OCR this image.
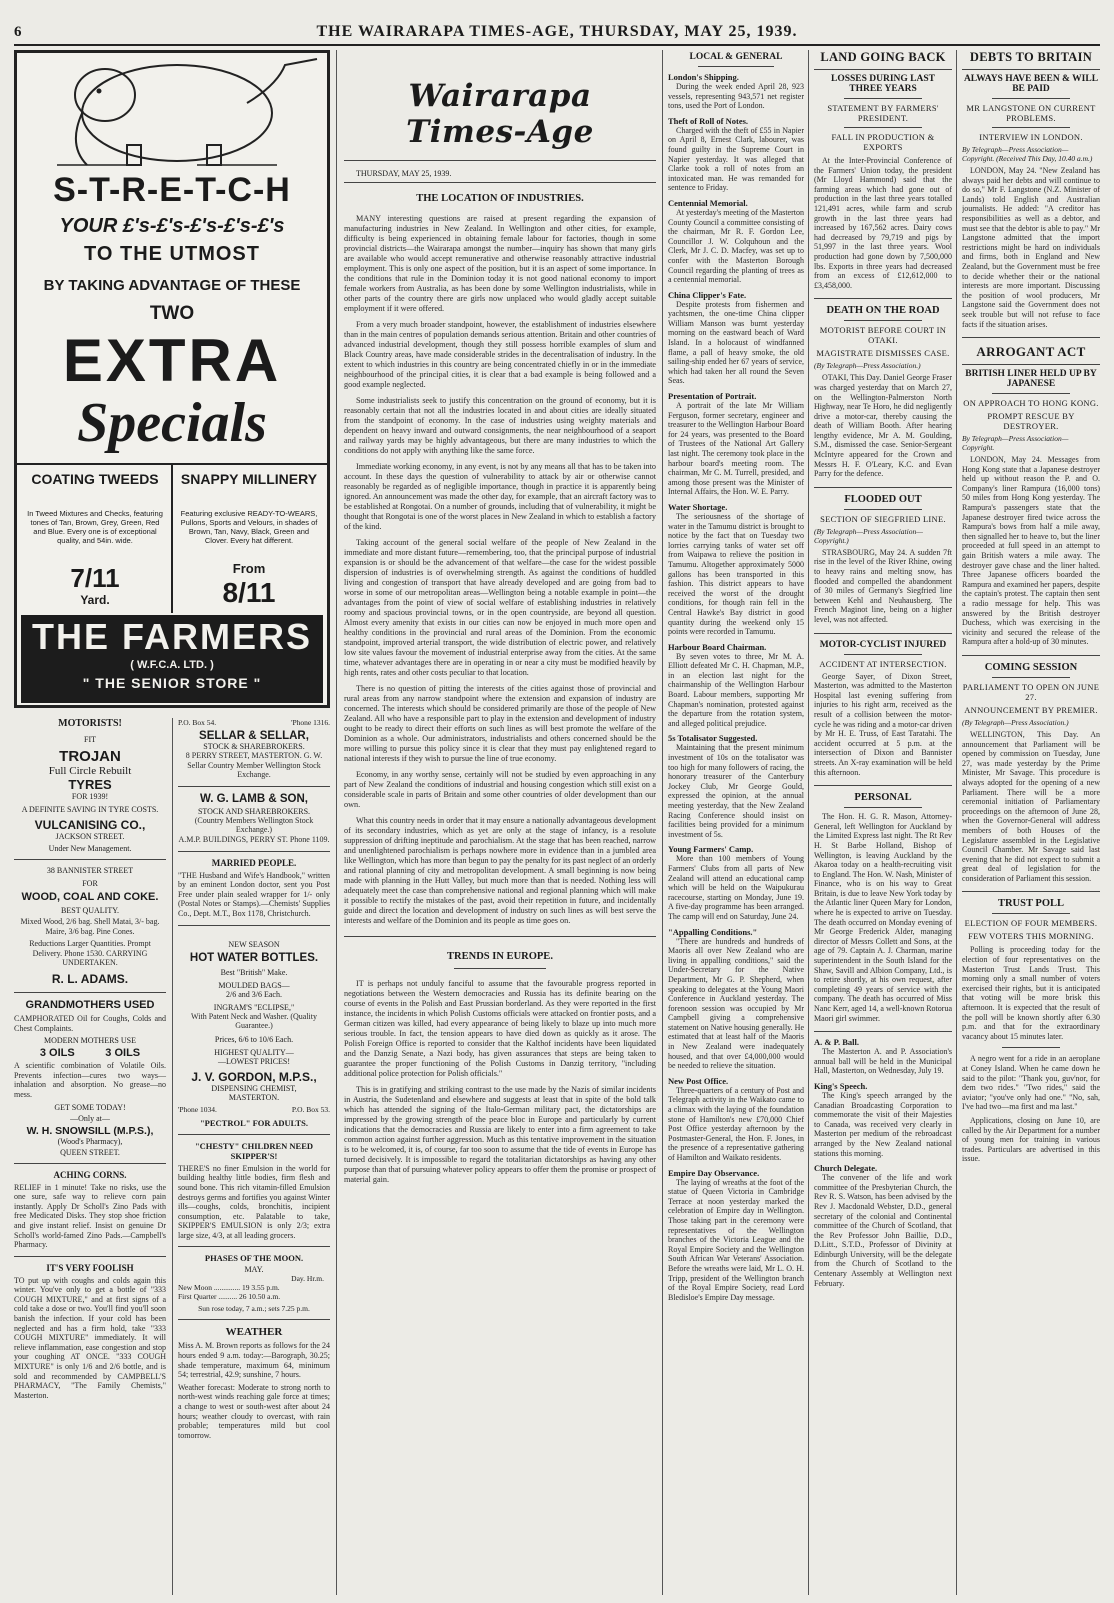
6	THE WAIRARAPA TIMES-AGE, THURSDAY, MAY 25, 1939.
S-T-R-E-T-C-H
YOUR £'s-£'s-£'s-£'s-£'s
TO THE UTMOST
BY TAKING ADVANTAGE OF THESE
TWO
EXTRA
Specials
COATING TWEEDS
In Tweed Mixtures and Checks, featuring tones of Tan, Brown, Grey, Green, Red and Blue. Every one is of exceptional quality, and 54in. wide.
7/11
Yard.
SNAPPY MILLINERY
Featuring exclusive READY-TO-WEARS, Pullons, Sports and Velours, in shades of Brown, Tan, Navy, Black, Green and Clover. Every hat different.
From
8/11
THE FARMERS
( W.F.C.A. LTD. )
" THE SENIOR STORE "
MOTORISTS!
FIT
TROJAN
Full Circle Rebuilt
TYRES
FOR 1939!
A DEFINITE SAVING IN TYRE COSTS.
VULCANISING CO.,
JACKSON STREET.
Under New Management.
38 BANNISTER STREET
FOR
WOOD, COAL AND COKE.
BEST QUALITY.
Mixed Wood, 2/6 bag. Shell Matai, 3/- bag. Maire, 3/6 bag. Pine Cones.
Reductions Larger Quantities. Prompt Delivery. Phone 1530. CARRYING UNDERTAKEN.
R. L. ADAMS.
GRANDMOTHERS USED
CAMPHORATED Oil for Coughs, Colds and Chest Complaints.
MODERN MOTHERS USE
3 OILS          3 OILS
A scientific combination of Volatile Oils. Prevents infection—cures two ways—inhalation and absorption. No grease—no mess.
GET SOME TODAY!
—Only at—
W. H. SNOWSILL (M.P.S.),
(Wood's Pharmacy),
QUEEN STREET.
ACHING CORNS.
RELIEF in 1 minute! Take no risks, use the one sure, safe way to relieve corn pain instantly. Apply Dr Scholl's Zino Pads with free Medicated Disks. They stop shoe friction and give instant relief. Insist on genuine Dr Scholl's world-famed Zino Pads.—Campbell's Pharmacy.
IT'S VERY FOOLISH
TO put up with coughs and colds again this winter. You've only to get a bottle of "333 COUGH MIXTURE," and at first signs of a cold take a dose or two. You'll find you'll soon banish the infection. If your cold has been neglected and has a firm hold, take "333 COUGH MIXTURE" immediately. It will relieve inflammation, ease congestion and stop your coughing AT ONCE. "333 COUGH MIXTURE" is only 1/6 and 2/6 bottle, and is sold and recommended by CAMPBELL'S PHARMACY, "The Family Chemists," Masterton.
P.O. Box 54.	'Phone 1316.
SELLAR & SELLAR,
STOCK & SHAREBROKERS.
8 PERRY STREET, MASTERTON. G. W. Sellar Country Member Wellington Stock Exchange.
W. G. LAMB & SON,
STOCK AND SHAREBROKERS.
(Country Members Wellington Stock Exchange.)
A.M.P. BUILDINGS, PERRY ST. Phone 1109.
MARRIED PEOPLE.
"THE Husband and Wife's Handbook," written by an eminent London doctor, sent you Post Free under plain sealed wrapper for 1/- only (Postal Notes or Stamps).—Chemists' Supplies Co., Dept. M.T., Box 1178, Christchurch.
NEW SEASON
HOT WATER BOTTLES.
Best "British" Make.
MOULDED BAGS—
2/6 and 3/6 Each.
INGRAM'S "ECLIPSE,"
With Patent Neck and Washer. (Quality Guarantee.)
Prices, 6/6 to 10/6 Each.
HIGHEST QUALITY—
—LOWEST PRICES!
J. V. GORDON, M.P.S.,
DISPENSING CHEMIST,
MASTERTON.
'Phone 1034.	P.O. Box 53.
"PECTROL" FOR ADULTS.
"CHESTY" CHILDREN NEED SKIPPER'S!
THERE'S no finer Emulsion in the world for building healthy little bodies, firm flesh and sound bone. This rich vitamin-filled Emulsion destroys germs and fortifies you against Winter ills—coughs, colds, bronchitis, incipient consumption, etc. Palatable to take, SKIPPER'S EMULSION is only 2/3; extra large size, 4/3, at all leading grocers.
PHASES OF THE MOON.
MAY.
Day. Hr.m.
New Moon .............. 19 3.55 p.m.
First Quarter .......... 26 10.50 a.m.
Sun rose today, 7 a.m.; sets 7.25 p.m.
WEATHER
Miss A. M. Brown reports as follows for the 24 hours ended 9 a.m. today:—Barograph, 30.25; shade temperature, maximum 64, minimum 54; terrestrial, 42.9; sunshine, 7 hours.
Weather forecast: Moderate to strong north to north-west winds reaching gale force at times; a change to west or south-west after about 24 hours; weather cloudy to overcast, with rain probable; temperatures mild but cool tomorrow.
Wairarapa Times-Age
THURSDAY, MAY 25, 1939.
THE LOCATION OF INDUSTRIES.

MANY interesting questions are raised at present regarding the expansion of manufacturing industries in New Zealand. In Wellington and other cities, for example, difficulty is being experienced in obtaining female labour for factories, though in some provincial districts—the Wairarapa amongst the number—inquiry has shown that many girls are available who would accept remunerative and otherwise reasonably attractive industrial employment. This is only one aspect of the position, but it is an aspect of some importance. In the conditions that rule in the Dominion today it is not good national economy to import female workers from Australia, as has been done by some Wellington industrialists, while in other parts of the country there are girls now unplaced who would gladly accept suitable employment if it were offered.

From a very much broader standpoint, however, the establishment of industries elsewhere than in the main centres of population demands serious attention. Britain and other countries of advanced industrial development, though they still possess horrible examples of slum and Black Country areas, have made considerable strides in the decentralisation of industry. In the extent to which industries in this country are being concentrated chiefly in or in the immediate neighbourhood of the principal cities, it is clear that a bad example is being followed and a good example neglected.

Some industrialists seek to justify this concentration on the ground of economy, but it is reasonably certain that not all the industries located in and about cities are ideally situated from the standpoint of economy. In the case of industries using weighty materials and dependent on heavy inward and outward consignments, the near neighbourhood of a seaport and railway yards may be highly advantageous, but there are many industries to which the conditions do not apply with anything like the same force.

Immediate working economy, in any event, is not by any means all that has to be taken into account. In these days the question of vulnerability to attack by air or otherwise cannot reasonably be regarded as of negligible importance, though in practice it is apparently being ignored. An announcement was made the other day, for example, that an aircraft factory was to be established at Rongotai. On a number of grounds, including that of vulnerability, it might be thought that Rongotai is one of the worst places in New Zealand in which to establish a factory of the kind.

Taking account of the general social welfare of the people of New Zealand in the immediate and more distant future—remembering, too, that the principal purpose of industrial expansion is or should be the advancement of that welfare—the case for the widest possible dispersion of industries is of overwhelming strength. As against the conditions of huddled living and congestion of transport that have already developed and are going from bad to worse in some of our metropolitan areas—Wellington being a notable example in point—the advantages from the point of view of social welfare of establishing industries in relatively roomy and spacious provincial towns, or in the open countryside, are beyond all question. Almost every amenity that exists in our cities can now be enjoyed in much more open and healthy conditions in the provincial and rural areas of the Dominion. From the economic standpoint, improved arterial transport, the wide distribution of electric power, and relatively low site values favour the movement of industrial enterprise away from the cities. At the same time, whatever advantages there are in operating in or near a city must be modified heavily by high rents, rates and other costs peculiar to that location.

There is no question of pitting the interests of the cities against those of provincial and rural areas from any narrow standpoint where the extension and expansion of industry are concerned. The interests which should be considered primarily are those of the people of New Zealand. All who have a responsible part to play in the extension and development of industry ought to be ready to direct their efforts on such lines as will best promote the welfare of the Dominion as a whole. Our administrators, industrialists and others concerned should be the more willing to pursue this policy since it is clear that they must pay enlightened regard to national interests if they wish to pursue the line of true economy.

Economy, in any worthy sense, certainly will not be studied by even approaching in any part of New Zealand the conditions of industrial and housing congestion which still exist on a considerable scale in parts of Britain and some other countries of older development than our own.

What this country needs in order that it may ensure a nationally advantageous development of its secondary industries, which as yet are only at the stage of infancy, is a resolute suppression of drifting ineptitude and parochialism. At the stage that has been reached, narrow and unenlightened parochialism is perhaps nowhere more in evidence than in a jumbled area like Wellington, which has more than begun to pay the penalty for its past neglect of an orderly and rational planning of city and metropolitan development. A small beginning is now being made with planning in the Hutt Valley, but much more than that is needed. Nothing less will adequately meet the case than comprehensive national and regional planning which will make it possible to rectify the mistakes of the past, avoid their repetition in future, and incidentally guide and direct the location and development of industry on such lines as will best serve the interests and welfare of the Dominion and its people as time goes on.

TRENDS IN EUROPE.

IT is perhaps not unduly fanciful to assume that the favourable progress reported in negotiations between the Western democracies and Russia has its definite bearing on the course of events in the Polish and East Prussian borderland. As they were reported in the first instance, the incidents in which Polish Customs officials were attacked on frontier posts, and a German citizen was killed, had every appearance of being likely to blaze up into much more serious trouble. In fact, the tension appears to have died down as quickly as it arose. The Polish Foreign Office is reported to consider that the Kalthof incidents have been liquidated and the Danzig Senate, a Nazi body, has given assurances that steps are being taken to guarantee the proper functioning of the Polish Customs in Danzig territory, "including additional police protection for Polish officials."

This is in gratifying and striking contrast to the use made by the Nazis of similar incidents in Austria, the Sudetenland and elsewhere and suggests at least that in spite of the bold talk which has attended the signing of the Italo-German military pact, the dictatorships are impressed by the growing strength of the peace bloc in Europe and particularly by current indications that the democracies and Russia are likely to enter into a firm agreement to take common action against further aggression. Much as this tentative improvement in the situation is to be welcomed, it is, of course, far too soon to assume that the tide of events in Europe has turned decisively. It is impossible to regard the totalitarian dictatorships as having any other purpose than that of pursuing whatever policy appears to offer them the promise or prospect of material gain.

LOCAL & GENERAL
London's Shipping.

During the week ended April 28, 923 vessels, representing 943,571 net register tons, used the Port of London.

Theft of Roll of Notes.

Charged with the theft of £55 in Napier on April 8, Ernest Clark, labourer, was found guilty in the Supreme Court in Napier yesterday. It was alleged that Clarke took a roll of notes from an intoxicated man. He was remanded for sentence to Friday.

Centennial Memorial.

At yesterday's meeting of the Masterton County Council a committee consisting of the chairman, Mr R. F. Gordon Lee, Councillor J. W. Colquhoun and the Clerk, Mr J. C. D. Macfey, was set up to confer with the Masterton Borough Council regarding the planting of trees as a centennial memorial.

China Clipper's Fate.

Despite protests from fishermen and yachtsmen, the one-time China clipper William Manson was burnt yesterday morning on the eastward beach of Ward Island. In a holocaust of windfanned flame, a pall of heavy smoke, the old sailing-ship ended her 67 years of service, which had taken her all round the Seven Seas.

Presentation of Portrait.

A portrait of the late Mr William Ferguson, former secretary, engineer and treasurer to the Wellington Harbour Board for 24 years, was presented to the Board of Trustees of the National Art Gallery last night. The ceremony took place in the harbour board's meeting room. The chairman, Mr C. M. Turrell, presided, and among those present was the Minister of Internal Affairs, the Hon. W. E. Parry.

Water Shortage.

The seriousness of the shortage of water in the Tamumu district is brought to notice by the fact that on Tuesday two lorries carrying tanks of water set off from Waipawa to relieve the position in Tamumu. Altogether approximately 5000 gallons has been transported in this fashion. This district appears to have received the worst of the drought conditions, for though rain fell in the Central Hawke's Bay district in good quantity during the weekend only 15 points were recorded in Tamumu.

Harbour Board Chairman.

By seven votes to three, Mr M. A. Elliott defeated Mr C. H. Chapman, M.P., in an election last night for the chairmanship of the Wellington Harbour Board. Labour members, supporting Mr Chapman's nomination, protested against the departure from the rotation system, and alleged political prejudice.

5s Totalisator Suggested.

Maintaining that the present minimum investment of 10s on the totalisator was too high for many followers of racing, the honorary treasurer of the Canterbury Jockey Club, Mr George Gould, expressed the opinion, at the annual meeting yesterday, that the New Zealand Racing Conference should insist on facilities being provided for a minimum investment of 5s.

Young Farmers' Camp.

More than 100 members of Young Farmers' Clubs from all parts of New Zealand will attend an educational camp which will be held on the Waipukurau racecourse, starting on Monday, June 19. A five-day programme has been arranged. The camp will end on Saturday, June 24.

"Appalling Conditions."

"There are hundreds and hundreds of Maoris all over New Zealand who are living in appalling conditions," said the Under-Secretary for the Native Department, Mr G. P. Shepherd, when speaking to delegates at the Young Maori Conference in Auckland yesterday. The forenoon session was occupied by Mr Campbell giving a comprehensive statement on Native housing generally. He estimated that at least half of the Maoris in New Zealand were inadequately housed, and that over £4,000,000 would be needed to relieve the situation.

New Post Office.

Three-quarters of a century of Post and Telegraph activity in the Waikato came to a climax with the laying of the foundation stone of Hamilton's new £70,000 Chief Post Office yesterday afternoon by the Postmaster-General, the Hon. F. Jones, in the presence of a representative gathering of Hamilton and Waikato residents.

Empire Day Observance.

The laying of wreaths at the foot of the statue of Queen Victoria in Cambridge Terrace at noon yesterday marked the celebration of Empire day in Wellington. Those taking part in the ceremony were representatives of the Wellington branches of the Victoria League and the Royal Empire Society and the Wellington South African War Veterans' Association. Before the wreaths were laid, Mr L. O. H. Tripp, president of the Wellington branch of the Royal Empire Society, read Lord Bledisloe's Empire Day message.

LAND GOING BACK
LOSSES DURING LAST THREE YEARS
STATEMENT BY FARMERS' PRESIDENT.
FALL IN PRODUCTION & EXPORTS

At the Inter-Provincial Conference of the Farmers' Union today, the president (Mr Lloyd Hammond) said that the farming areas which had gone out of production in the last three years totalled 121,491 acres, while farm and scrub growth in the last three years had increased by 167,562 acres. Dairy cows had decreased by 79,719 and pigs by 51,997 in the last three years. Wool production had gone down by 7,500,000 lbs. Exports in three years had decreased from an excess of £12,612,000 to £3,458,000.

DEATH ON THE ROAD
MOTORIST BEFORE COURT IN OTAKI.
MAGISTRATE DISMISSES CASE.
(By Telegraph—Press Association.)

OTAKI, This Day. Daniel George Fraser was charged yesterday that on March 27, on the Wellington-Palmerston North Highway, near Te Horo, he did negligently drive a motor-car, thereby causing the death of William Booth. After hearing lengthy evidence, Mr A. M. Goulding, S.M., dismissed the case. Senior-Sergeant McIntyre appeared for the Crown and Messrs H. F. O'Leary, K.C. and Evan Parry for the defence.

FLOODED OUT
SECTION OF SIEGFRIED LINE.
(By Telegraph—Press Association—Copyright.)

STRASBOURG, May 24. A sudden 7ft rise in the level of the River Rhine, owing to heavy rains and melting snow, has flooded and compelled the abandonment of 30 miles of Germany's Siegfried line between Kehl and Neuhausberg. The French Maginot line, being on a higher level, was not affected.

MOTOR-CYCLIST INJURED
ACCIDENT AT INTERSECTION.

George Sayer, of Dixon Street, Masterton, was admitted to the Masterton Hospital last evening suffering from injuries to his right arm, received as the result of a collision between the motor-cycle he was riding and a motor-car driven by Mr H. E. Truss, of East Taratahi. The accident occurred at 5 p.m. at the intersection of Dixon and Bannister streets. An X-ray examination will be held this afternoon.

PERSONAL

The Hon. H. G. R. Mason, Attorney-General, left Wellington for Auckland by the Limited Express last night. The Rt Rev H. St Barbe Holland, Bishop of Wellington, is leaving Auckland by the Akaroa today on a health-recruiting visit to England. The Hon. W. Nash, Minister of Finance, who is on his way to Great Britain, is due to leave New York today by the Atlantic liner Queen Mary for London, where he is expected to arrive on Tuesday. The death occurred on Monday evening of Mr George Frederick Alder, managing director of Messrs Collett and Sons, at the age of 79. Captain A. J. Charman, marine superintendent in the South Island for the Shaw, Savill and Albion Company, Ltd., is to retire shortly, at his own request, after completing 49 years of service with the company. The death has occurred of Miss Nanc Kerr, aged 14, a well-known Rotorua Maori girl swimmer.

A. & P. Ball.

The Masterton A. and P. Association's annual ball will be held in the Municipal Hall, Masterton, on Wednesday, July 19.

King's Speech.

The King's speech arranged by the Canadian Broadcasting Corporation to commemorate the visit of their Majesties to Canada, was received very clearly in Masterton per medium of the rebroadcast arranged by the New Zealand national stations this morning.

Church Delegate.

The convener of the life and work committee of the Presbyterian Church, the Rev R. S. Watson, has been advised by the Rev J. Macdonald Webster, D.D., general secretary of the colonial and Continental committee of the Church of Scotland, that the Rev Professor John Baillie, D.D., D.Litt., S.T.D., Professor of Divinity at Edinburgh University, will be the delegate from the Church of Scotland to the Centenary Assembly at Wellington next February.

DEBTS TO BRITAIN
ALWAYS HAVE BEEN & WILL BE PAID
MR LANGSTONE ON CURRENT PROBLEMS.
INTERVIEW IN LONDON.
By Telegraph—Press Association—Copyright. (Received This Day, 10.40 a.m.)

LONDON, May 24. "New Zealand has always paid her debts and will continue to do so," Mr F. Langstone (N.Z. Minister of Lands) told English and Australian journalists. He added: "A creditor has responsibilities as well as a debtor, and must see that the debtor is able to pay." Mr Langstone admitted that the import restrictions might be hard on individuals and firms, both in England and New Zealand, but the Government must be free to decide whether their or the national interests are more important. Discussing the position of wool producers, Mr Langstone said the Government does not seek trouble but will not refuse to face facts if the situation arises.

ARROGANT ACT
BRITISH LINER HELD UP BY JAPANESE
ON APPROACH TO HONG KONG.
PROMPT RESCUE BY DESTROYER.
By Telegraph—Press Association—Copyright.

LONDON, May 24. Messages from Hong Kong state that a Japanese destroyer held up without reason the P. and O. Company's liner Rampura (16,000 tons) 50 miles from Hong Kong yesterday. The Rampura's passengers state that the Japanese destroyer fired twice across the Rampura's bows from half a mile away, then signalled her to heave to, but the liner proceeded at full speed in an attempt to gain British waters a mile away. The destroyer gave chase and the liner halted. Three Japanese officers boarded the Rampura and examined her papers, despite the captain's protest. The captain then sent a radio message for help. This was answered by the British destroyer Duchess, which was exercising in the vicinity and secured the release of the Rampura after a hold-up of 30 minutes.

COMING SESSION
PARLIAMENT TO OPEN ON JUNE 27.
ANNOUNCEMENT BY PREMIER.
(By Telegraph—Press Association.)

WELLINGTON, This Day. An announcement that Parliament will be opened by commission on Tuesday, June 27, was made yesterday by the Prime Minister, Mr Savage. This procedure is always adopted for the opening of a new Parliament. There will be a more ceremonial initiation of Parliamentary proceedings on the afternoon of June 28, when the Governor-General will address members of both Houses of the Legislature assembled in the Legislative Council Chamber. Mr Savage said last evening that he did not expect to submit a great deal of legislation for the consideration of Parliament this session.

TRUST POLL
ELECTION OF FOUR MEMBERS.
FEW VOTERS THIS MORNING.

Polling is proceeding today for the election of four representatives on the Masterton Trust Lands Trust. This morning only a small number of voters exercised their rights, but it is anticipated that voting will be more brisk this afternoon. It is expected that the result of the poll will be known shortly after 6.30 p.m. and that for the extraordinary vacancy about 15 minutes later.

A negro went for a ride in an aeroplane at Coney Island. When he came down he said to the pilot: "Thank you, guv'nor, for dem two rides." "Two rides," said the aviator; "you've only had one." "No, sah, I've had two—ma first and ma last."

Applications, closing on June 10, are called by the Air Department for a number of young men for training in various trades. Particulars are advertised in this issue.
